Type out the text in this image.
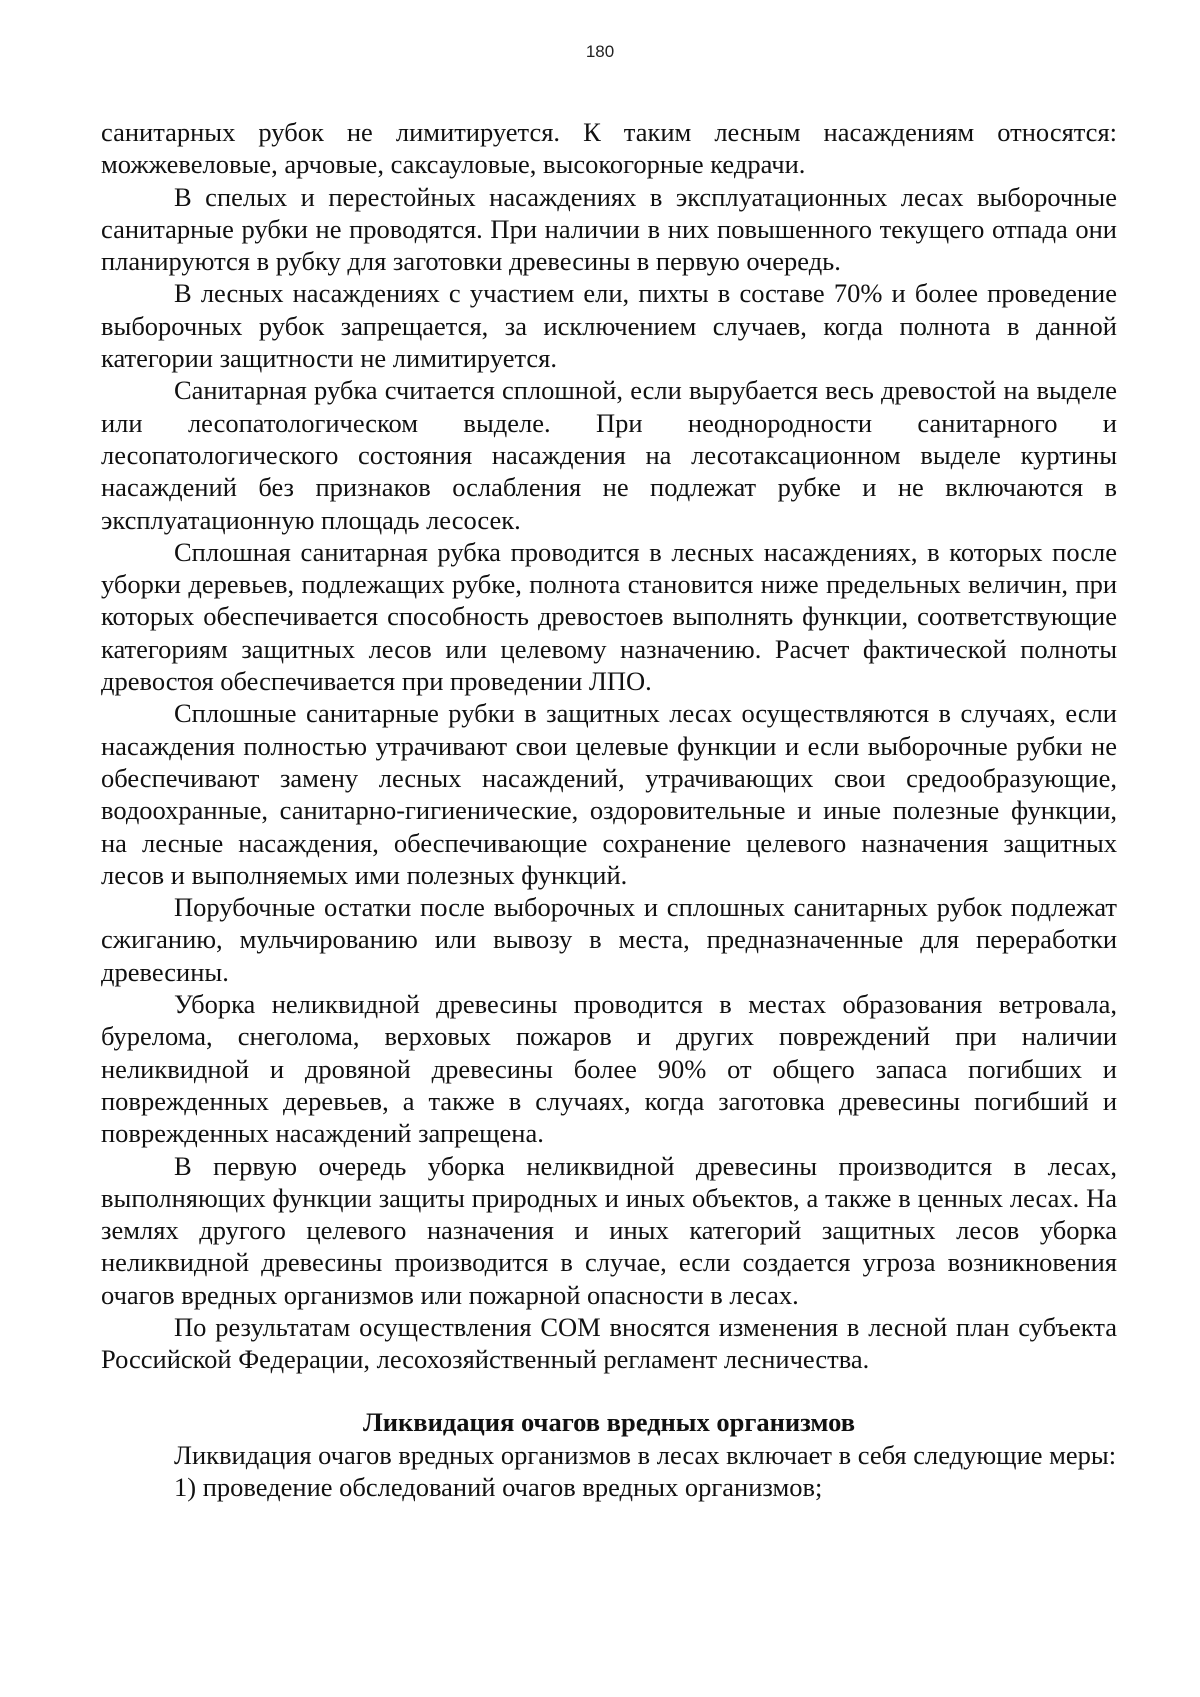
180

санитарных рубок не лимитируется. К таким лесным насаждениям относятся: можжевеловые, арчовые, саксауловые, высокогорные кедрачи.

В спелых и перестойных насаждениях в эксплуатационных лесах выборочные санитарные рубки не проводятся. При наличии в них повышенного текущего отпада они планируются в рубку для заготовки древесины в первую очередь.

В лесных насаждениях с участием ели, пихты в составе 70% и более проведение выборочных рубок запрещается, за исключением случаев, когда полнота в данной категории защитности не лимитируется.

Санитарная рубка считается сплошной, если вырубается весь древостой на выделе или лесопатологическом выделе. При неоднородности санитарного и лесопатологического состояния насаждения на лесотаксационном выделе куртины насаждений без признаков ослабления не подлежат рубке и не включаются в эксплуатационную площадь лесосек.

Сплошная санитарная рубка проводится в лесных насаждениях, в которых после уборки деревьев, подлежащих рубке, полнота становится ниже предельных величин, при которых обеспечивается способность древостоев выполнять функции, соответствующие категориям защитных лесов или целевому назначению. Расчет фактической полноты древостоя обеспечивается при проведении ЛПО.

Сплошные санитарные рубки в защитных лесах осуществляются в случаях, если насаждения полностью утрачивают свои целевые функции и если выборочные рубки не обеспечивают замену лесных насаждений, утрачивающих свои средообразующие, водоохранные, санитарно-гигиенические, оздоровительные и иные полезные функции, на лесные насаждения, обеспечивающие сохранение целевого назначения защитных лесов и выполняемых ими полезных функций.

Порубочные остатки после выборочных и сплошных санитарных рубок подлежат сжиганию, мульчированию или вывозу в места, предназначенные для переработки древесины.

Уборка неликвидной древесины проводится в местах образования ветровала, бурелома, снеголома, верховых пожаров и других повреждений при наличии неликвидной и дровяной древесины более 90% от общего запаса погибших и поврежденных деревьев, а также в случаях, когда заготовка древесины погибший и поврежденных насаждений запрещена.

В первую очередь уборка неликвидной древесины производится в лесах, выполняющих функции защиты природных и иных объектов, а также в ценных лесах. На землях другого целевого назначения и иных категорий защитных лесов уборка неликвидной древесины производится в случае, если создается угроза возникновения очагов вредных организмов или пожарной опасности в лесах.

По результатам осуществления СОМ вносятся изменения в лесной план субъекта Российской Федерации, лесохозяйственный регламент лесничества.

Ликвидация очагов вредных организмов

Ликвидация очагов вредных организмов в лесах включает в себя следующие меры:

1) проведение обследований очагов вредных организмов;
